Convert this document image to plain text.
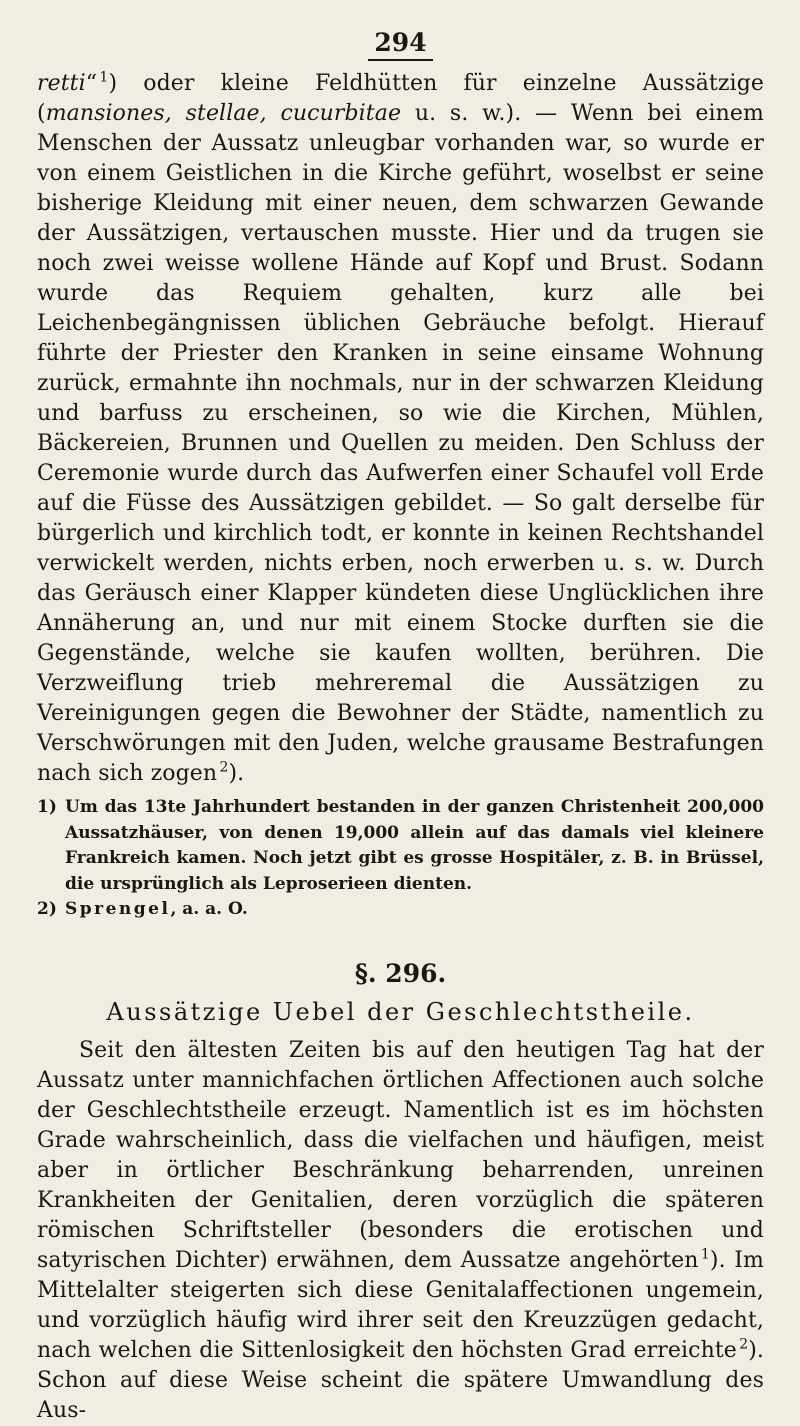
294

retti“  $^1$) oder kleine Feldhütten für einzelne Aussätzige (mansiones, stellae, cucurbitae u. s. w.). — Wenn bei einem Menschen der Aussatz unleugbar vorhanden war, so wurde er von einem Geistlichen in die Kirche geführt, woselbst er seine bisherige Kleidung mit einer neuen, dem schwarzen Gewande der Aussätzigen, vertauschen musste. Hier und da trugen sie noch zwei weisse wollene Hände auf Kopf und Brust. Sodann wurde das Requiem gehalten, kurz alle bei Leichenbegängnissen üblichen Gebräuche befolgt. Hierauf führte der Priester den Kranken in seine einsame Wohnung zurück, ermahnte ihn nochmals, nur in der schwarzen Kleidung und barfuss zu erscheinen, so wie die Kirchen, Mühlen, Bäckereien, Brunnen und Quellen zu meiden. Den Schluss der Ceremonie wurde durch das Aufwerfen einer Schaufel voll Erde auf die Füsse des Aussätzigen gebildet. — So galt derselbe für bürgerlich und kirchlich todt, er konnte in keinen Rechtshandel verwickelt werden, nichts erben, noch erwerben u. s. w. Durch das Geräusch einer Klapper kündeten diese Unglücklichen ihre Annäherung an, und nur mit einem Stocke durften sie die Gegenstände, welche sie kaufen wollten, berühren. Die Verzweiflung trieb mehreremal die Aussätzigen zu Vereinigungen gegen die Bewohner der Städte, namentlich zu Verschwörungen mit den Juden, welche grausame Bestrafungen nach sich zogen  $^2$).

1) Um das 13te Jahrhundert bestanden in der ganzen Christenheit 200,000 Aussatzhäuser, von denen 19,000 allein auf das damals viel kleinere Frankreich kamen. Noch jetzt gibt es grosse Hospitäler, z. B. in Brüssel, die ursprünglich als Leproserieen dienten.

2) Sprengel, a. a. O.

§. 296.
Aussätzige Uebel der Geschlechtstheile.

Seit den ältesten Zeiten bis auf den heutigen Tag hat der Aussatz unter mannichfachen örtlichen Affectionen auch solche der Geschlechtstheile erzeugt. Namentlich ist es im höchsten Grade wahrscheinlich, dass die vielfachen und häufigen, meist aber in örtlicher Beschränkung beharrenden, unreinen Krankheiten der Genitalien, deren vorzüglich die späteren römischen Schriftsteller (besonders die erotischen und satyrischen Dichter) erwähnen, dem Aussatze angehörten  $^1$). Im Mittelalter steigerten sich diese Genitalaffectionen ungemein, und vorzüglich häufig wird ihrer seit den Kreuzzügen gedacht, nach welchen die Sittenlosigkeit den höchsten Grad erreichte  $^2$). Schon auf diese Weise scheint die spätere Umwandlung des Aus-
